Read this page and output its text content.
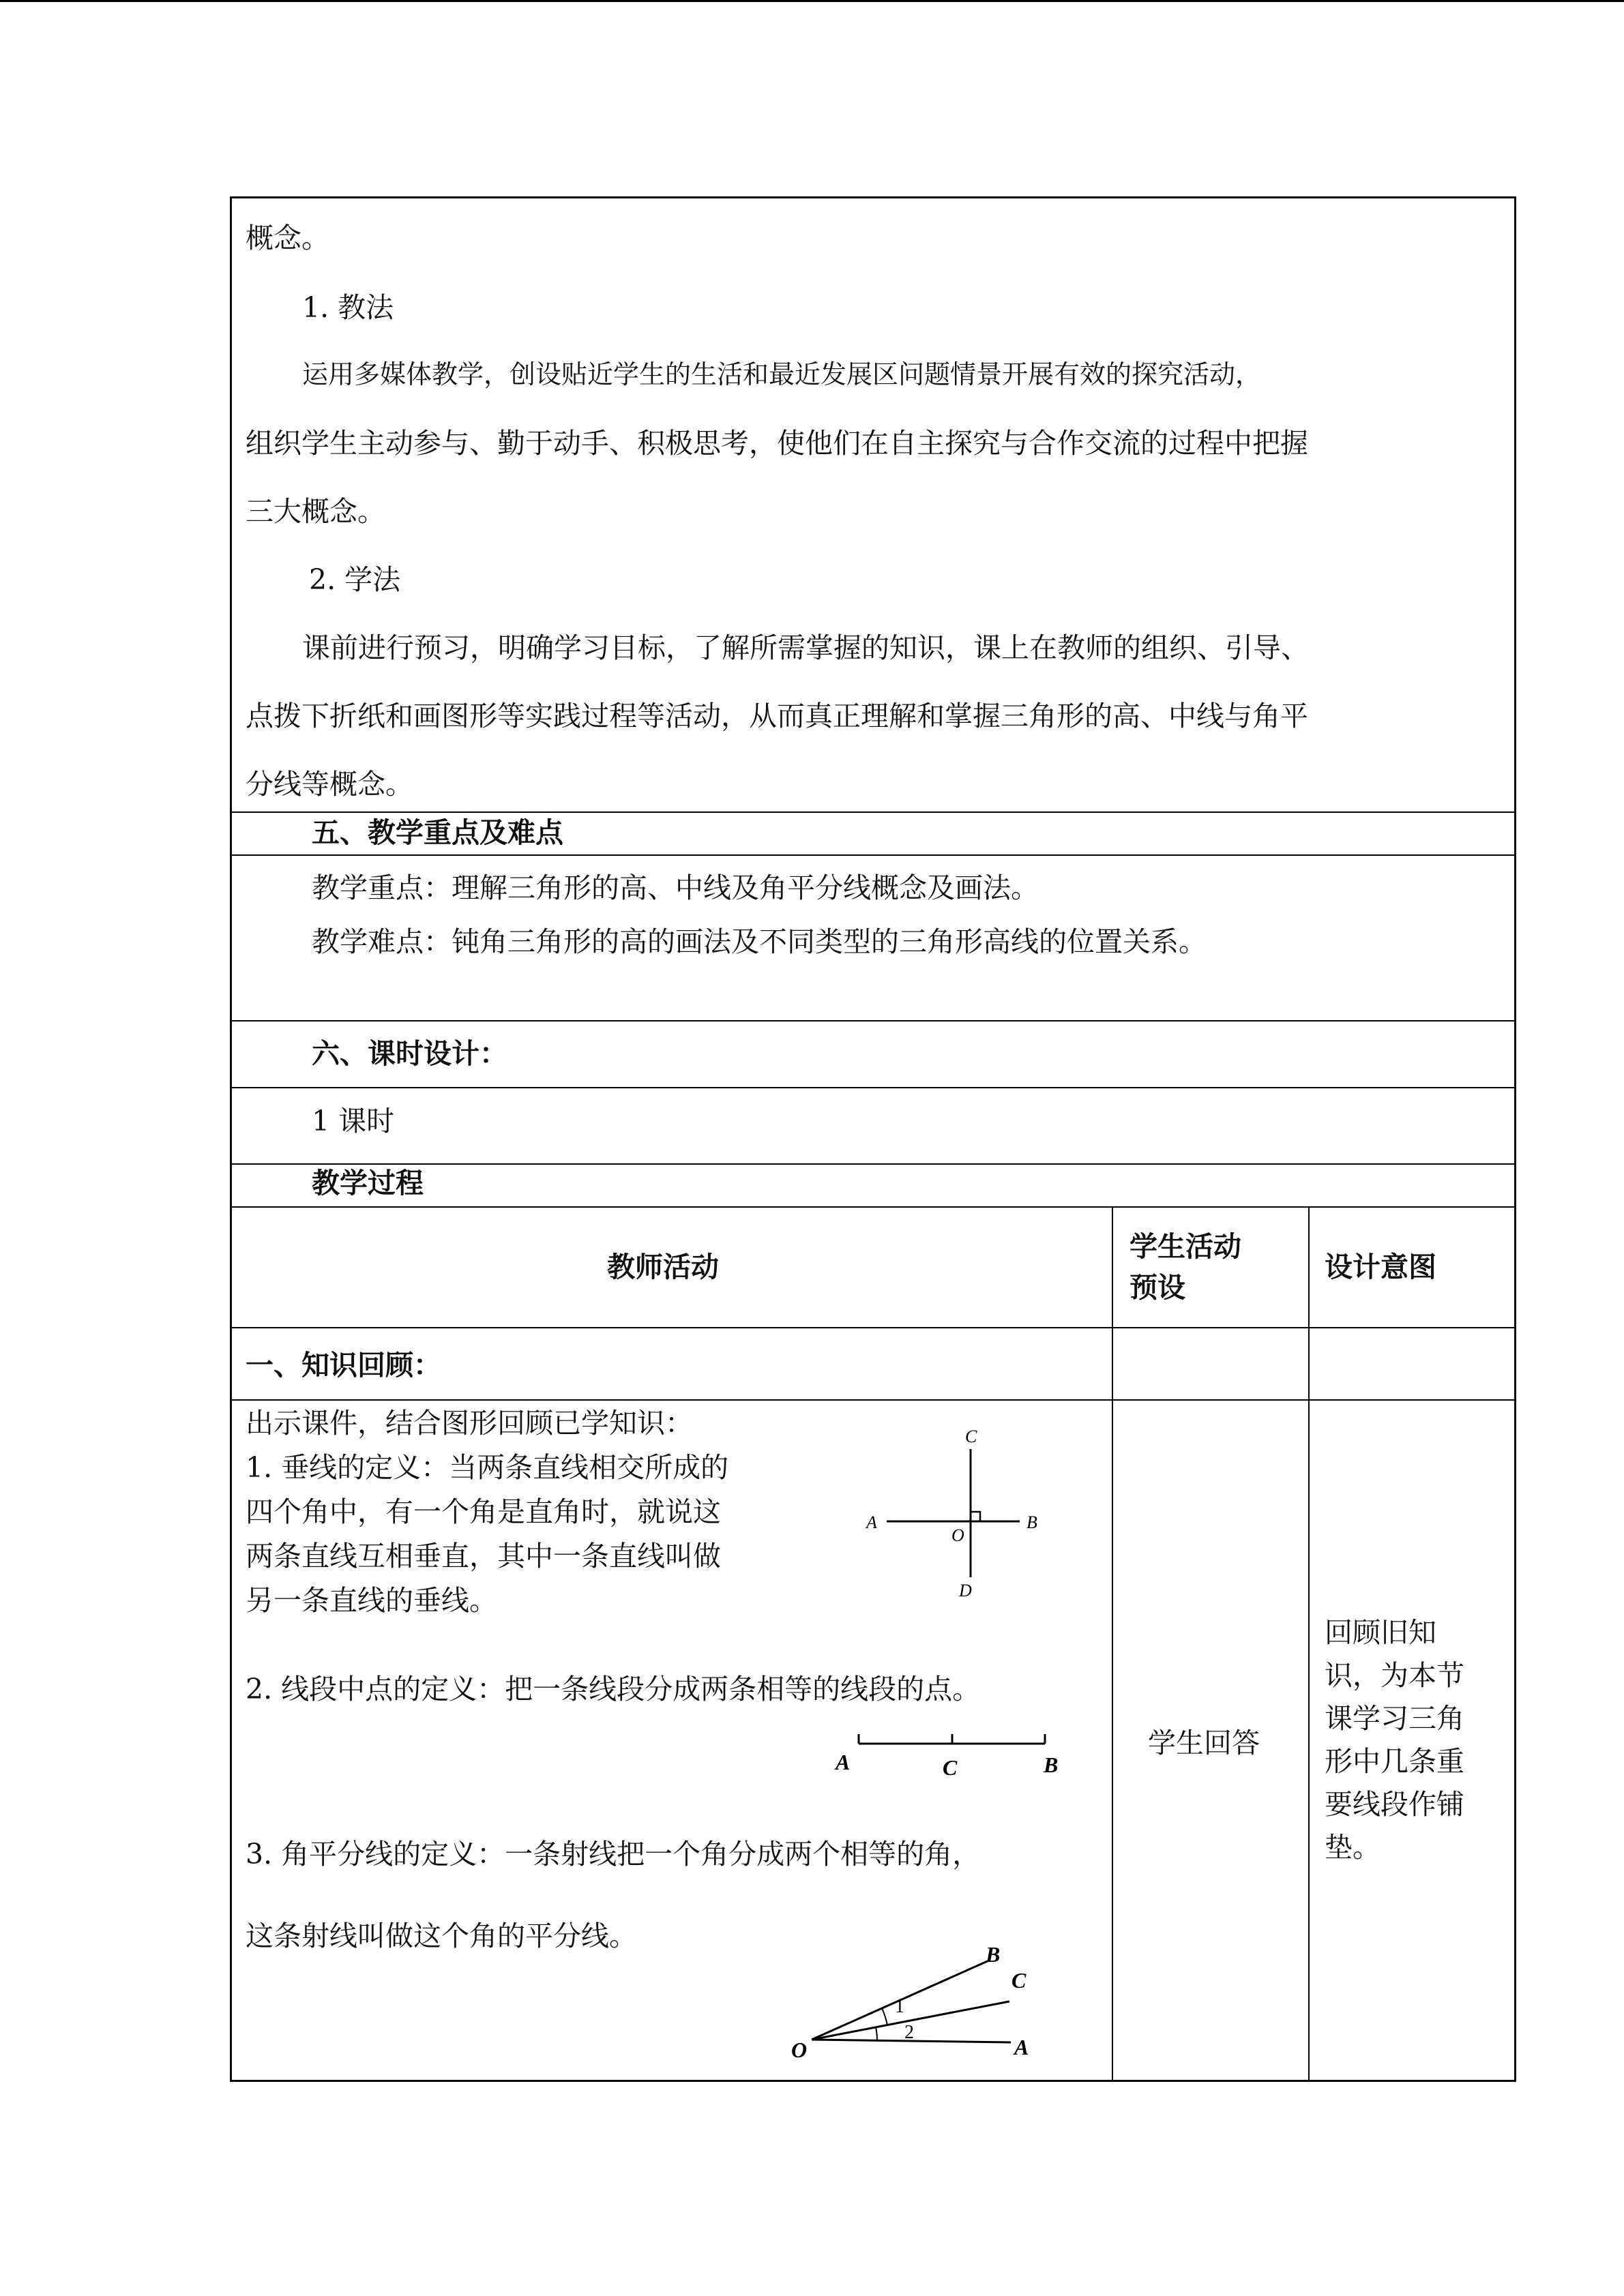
概念。
1. 教法
运用多媒体教学，创设贴近学生的生活和最近发展区问题情景开展有效的探究活动，
组织学生主动参与、勤于动手、积极思考，使他们在自主探究与合作交流的过程中把握
三大概念。
2. 学法
课前进行预习，明确学习目标，了解所需掌握的知识，课上在教师的组织、引导、
点拨下折纸和画图形等实践过程等活动，从而真正理解和掌握三角形的高、中线与角平
分线等概念。
五、教学重点及难点
教学重点：理解三角形的高、中线及角平分线概念及画法。
教学难点：钝角三角形的高的画法及不同类型的三角形高线的位置关系。
六、课时设计：
1 课时
教学过程
教师活动
学生活动
预设
设计意图
一、知识回顾：
出示课件，结合图形回顾已学知识：
1. 垂线的定义：当两条直线相交所成的
四个角中，有一个角是直角时，就说这
两条直线互相垂直，其中一条直线叫做
另一条直线的垂线。
2. 线段中点的定义：把一条线段分成两条相等的线段的点。
3. 角平分线的定义：一条射线把一个角分成两个相等的角，
这条射线叫做这个角的平分线。
学生回答
回顾旧知
识，为本节
课学习三角
形中几条重
要线段作铺
垫。
C
A
O
B
D
A	C	B
B
C
A
O
1
2
